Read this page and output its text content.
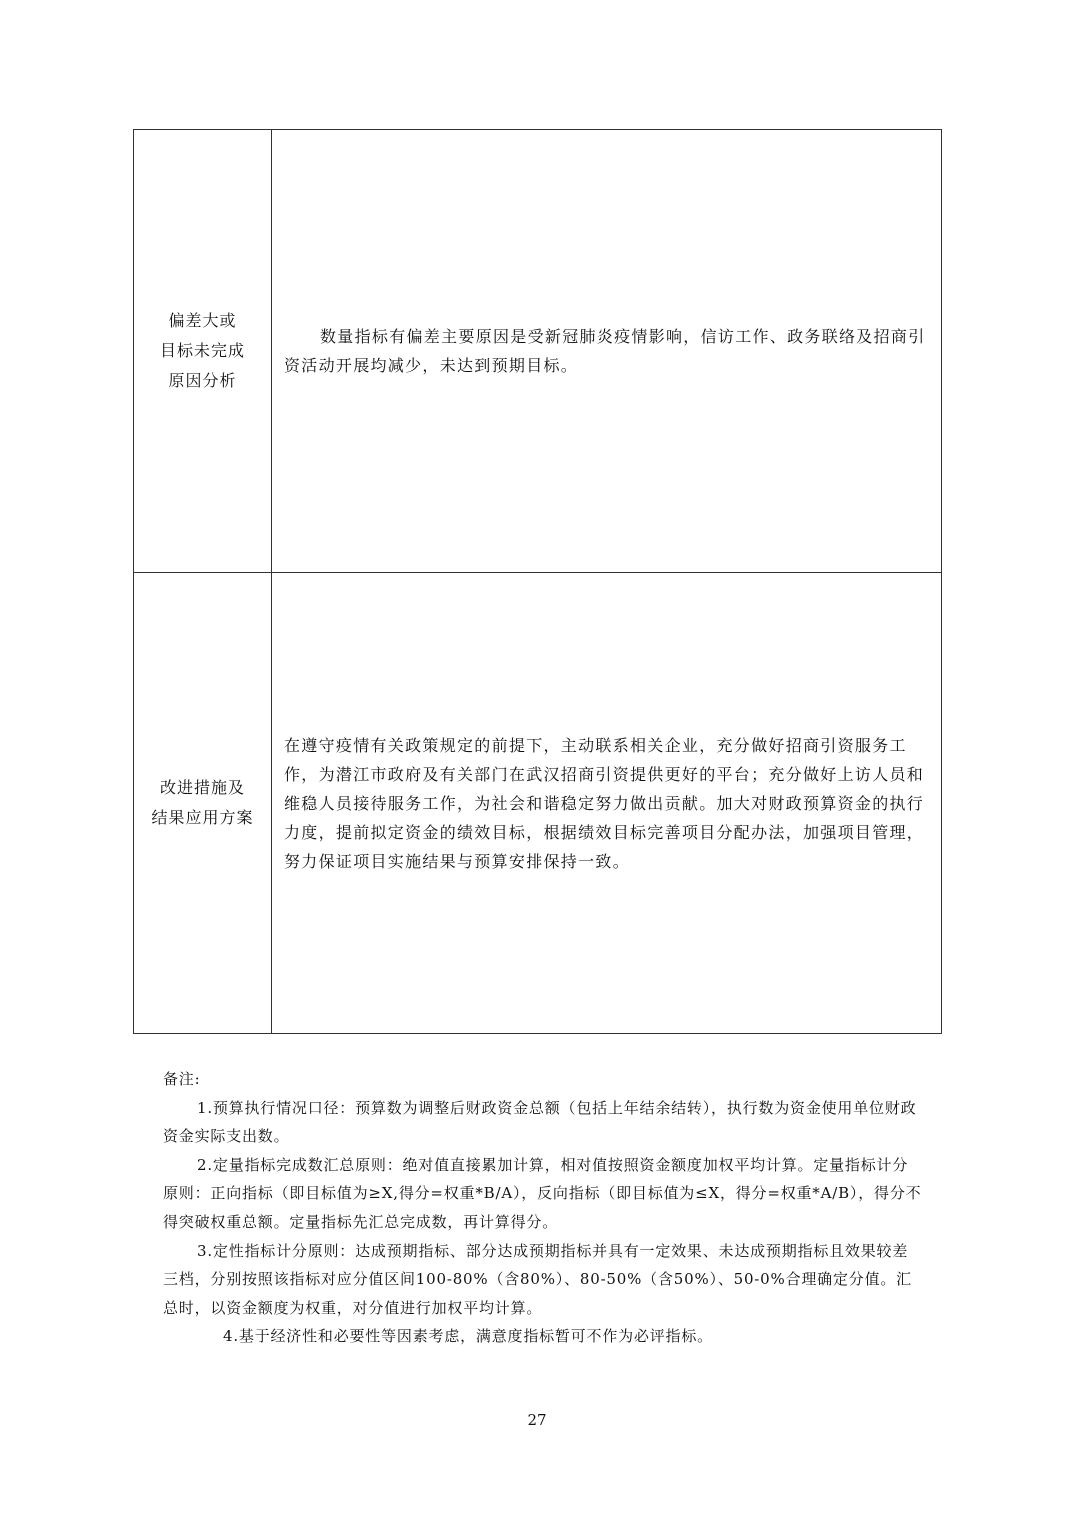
偏差大或
目标未完成
原因分析
数量指标有偏差主要原因是受新冠肺炎疫情影响，信访工作、政务联络及招商引资活动开展均减少，未达到预期目标。
改进措施及
结果应用方案
在遵守疫情有关政策规定的前提下，主动联系相关企业，充分做好招商引资服务工作，为潜江市政府及有关部门在武汉招商引资提供更好的平台；充分做好上访人员和维稳人员接待服务工作，为社会和谐稳定努力做出贡献。加大对财政预算资金的执行力度，提前拟定资金的绩效目标，根据绩效目标完善项目分配办法，加强项目管理，努力保证项目实施结果与预算安排保持一致。

备注:

1.预算执行情况口径：预算数为调整后财政资金总额（包括上年结余结转），执行数为资金使用单位财政资金实际支出数。

2.定量指标完成数汇总原则：绝对值直接累加计算，相对值按照资金额度加权平均计算。定量指标计分原则：正向指标（即目标值为≥X,得分=权重*B/A），反向指标（即目标值为≤X，得分=权重*A/B），得分不得突破权重总额。定量指标先汇总完成数，再计算得分。

3.定性指标计分原则：达成预期指标、部分达成预期指标并具有一定效果、未达成预期指标且效果较差三档，分别按照该指标对应分值区间100-80%（含80%）、80-50%（含50%）、50-0%合理确定分值。汇总时，以资金额度为权重，对分值进行加权平均计算。

4.基于经济性和必要性等因素考虑，满意度指标暂可不作为必评指标。

27
